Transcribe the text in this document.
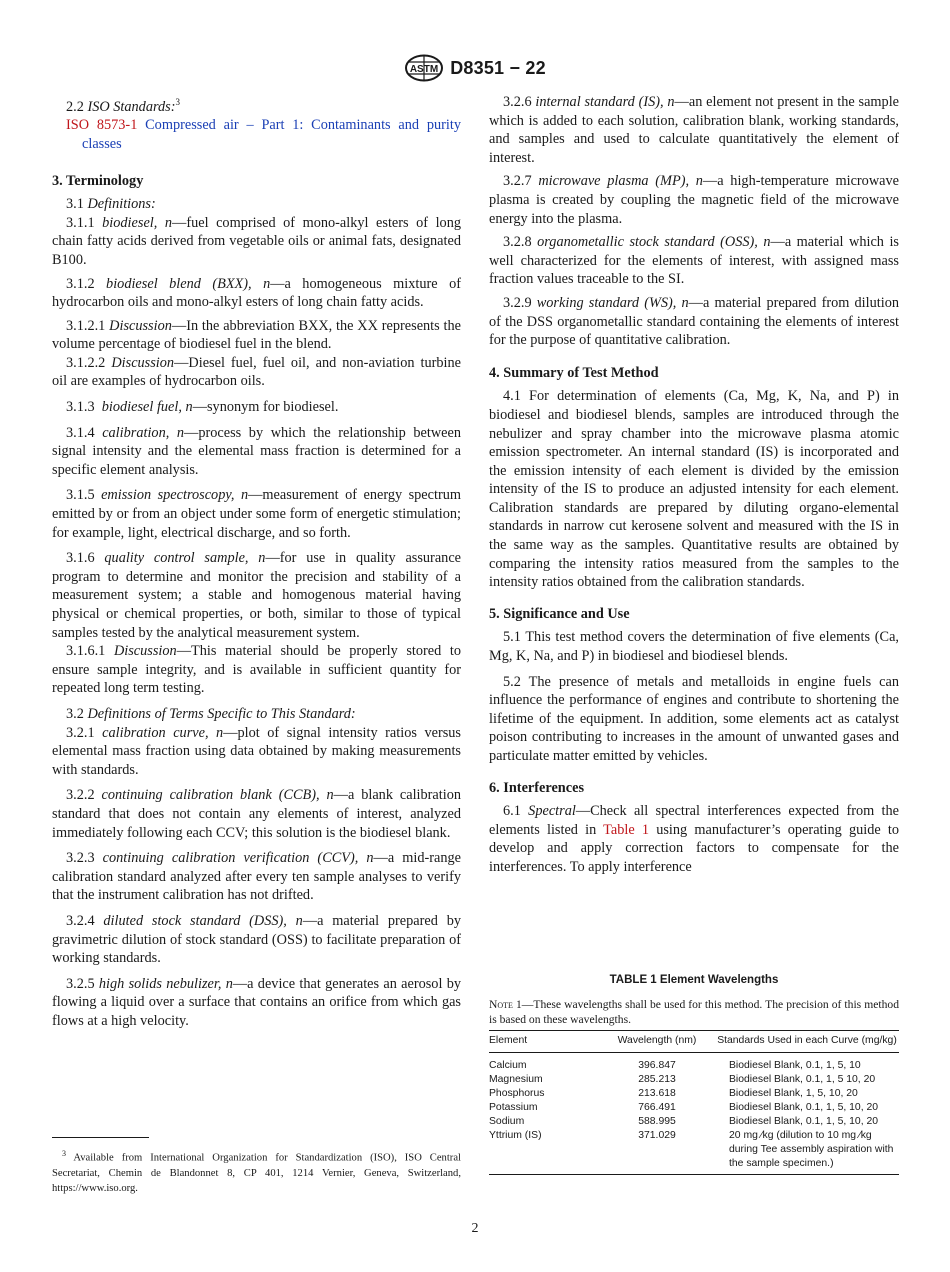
ASTM D8351 − 22

2.2 ISO Standards:$^3$

ISO 8573-1 Compressed air – Part 1: Contaminants and purity classes

3. Terminology

3.1 Definitions:

3.1.1 biodiesel, n—fuel comprised of mono-alkyl esters of long chain fatty acids derived from vegetable oils or animal fats, designated B100.

3.1.2 biodiesel blend (BXX), n—a homogeneous mixture of hydrocarbon oils and mono-alkyl esters of long chain fatty acids.

3.1.2.1 Discussion—In the abbreviation BXX, the XX represents the volume percentage of biodiesel fuel in the blend.

3.1.2.2 Discussion—Diesel fuel, fuel oil, and non-aviation turbine oil are examples of hydrocarbon oils.

3.1.3 biodiesel fuel, n—synonym for biodiesel.

3.1.4 calibration, n—process by which the relationship between signal intensity and the elemental mass fraction is determined for a specific element analysis.

3.1.5 emission spectroscopy, n—measurement of energy spectrum emitted by or from an object under some form of energetic stimulation; for example, light, electrical discharge, and so forth.

3.1.6 quality control sample, n—for use in quality assurance program to determine and monitor the precision and stability of a measurement system; a stable and homogenous material having physical or chemical properties, or both, similar to those of typical samples tested by the analytical measurement system.

3.1.6.1 Discussion—This material should be properly stored to ensure sample integrity, and is available in sufficient quantity for repeated long term testing.

3.2 Definitions of Terms Specific to This Standard:

3.2.1 calibration curve, n—plot of signal intensity ratios versus elemental mass fraction using data obtained by making measurements with standards.

3.2.2 continuing calibration blank (CCB), n—a blank calibration standard that does not contain any elements of interest, analyzed immediately following each CCV; this solution is the biodiesel blank.

3.2.3 continuing calibration verification (CCV), n—a mid-range calibration standard analyzed after every ten sample analyses to verify that the instrument calibration has not drifted.

3.2.4 diluted stock standard (DSS), n—a material prepared by gravimetric dilution of stock standard (OSS) to facilitate preparation of working standards.

3.2.5 high solids nebulizer, n—a device that generates an aerosol by flowing a liquid over a surface that contains an orifice from which gas flows at a high velocity.

$^3$ Available from International Organization for Standardization (ISO), ISO Central Secretariat, Chemin de Blandonnet 8, CP 401, 1214 Vernier, Geneva, Switzerland, https://www.iso.org.

3.2.6 internal standard (IS), n—an element not present in the sample which is added to each solution, calibration blank, working standards, and samples and used to calculate quantitatively the element of interest.

3.2.7 microwave plasma (MP), n—a high-temperature microwave plasma is created by coupling the magnetic field of the microwave energy into the plasma.

3.2.8 organometallic stock standard (OSS), n—a material which is well characterized for the elements of interest, with assigned mass fraction values traceable to the SI.

3.2.9 working standard (WS), n—a material prepared from dilution of the DSS organometallic standard containing the elements of interest for the purpose of quantitative calibration.

4. Summary of Test Method

4.1 For determination of elements (Ca, Mg, K, Na, and P) in biodiesel and biodiesel blends, samples are introduced through the nebulizer and spray chamber into the microwave plasma atomic emission spectrometer. An internal standard (IS) is incorporated and the emission intensity of each element is divided by the emission intensity of the IS to produce an adjusted intensity for each element. Calibration standards are prepared by diluting organo-elemental standards in narrow cut kerosene solvent and measured with the IS in the same way as the samples. Quantitative results are obtained by comparing the intensity ratios measured from the samples to the intensity ratios obtained from the calibration standards.

5. Significance and Use

5.1 This test method covers the determination of five elements (Ca, Mg, K, Na, and P) in biodiesel and biodiesel blends.

5.2 The presence of metals and metalloids in engine fuels can influence the performance of engines and contribute to shortening the lifetime of the equipment. In addition, some elements act as catalyst poison contributing to increases in the amount of unwanted gases and particulate matter emitted by vehicles.

6. Interferences

6.1 Spectral—Check all spectral interferences expected from the elements listed in Table 1 using manufacturer’s operating guide to develop and apply correction factors to compensate for the interferences. To apply interference

TABLE 1 Element Wavelengths
Note 1—These wavelengths shall be used for this method. The precision of this method is based on these wavelengths.
Element	Wavelength (nm)	Standards Used in each Curve (mg/kg)
Calcium	396.847	Biodiesel Blank, 0.1, 1, 5, 10
Magnesium	285.213	Biodiesel Blank, 0.1, 1, 5 10, 20
Phosphorus	213.618	Biodiesel Blank, 1, 5, 10, 20
Potassium	766.491	Biodiesel Blank, 0.1, 1, 5, 10, 20
Sodium	588.995	Biodiesel Blank, 0.1, 1, 5, 10, 20
Yttrium (IS)	371.029	20 mg ⁄kg (dilution to 10 mg ⁄kg during Tee assembly aspiration with the sample specimen.)
2
